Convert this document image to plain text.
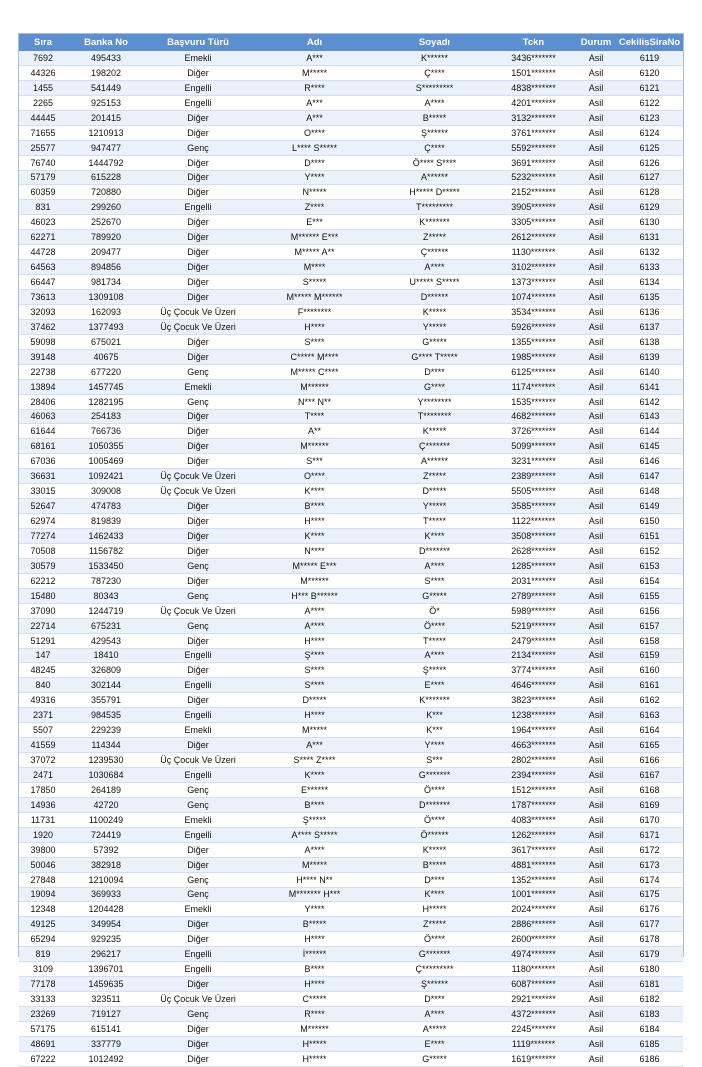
Sıra	Banka No	Başvuru Türü	Adı	Soyadı	Tckn	Durum	CekilisSiraNo
7692	495433	Emekli	A***	K******	3436*******	Asil	6119
44326	198202	Diğer	M*****	Ç****	1501*******	Asil	6120
1455	541449	Engelli	R****	S*********	4838*******	Asil	6121
2265	925153	Engelli	A***	A****	4201*******	Asil	6122
44445	201415	Diğer	A***	B*****	3132*******	Asil	6123
71655	1210913	Diğer	O****	Ş******	3761*******	Asil	6124
25577	947477	Genç	L**** S*****	Ç****	5592*******	Asil	6125
76740	1444792	Diğer	D****	Ö**** S****	3691*******	Asil	6126
57179	615228	Diğer	Y****	A******	5232*******	Asil	6127
60359	720880	Diğer	N*****	H***** D*****	2152*******	Asil	6128
831	299260	Engelli	Z****	T*********	3905*******	Asil	6129
46023	252670	Diğer	E***	K*******	3305*******	Asil	6130
62271	789920	Diğer	M****** E***	Z*****	2612*******	Asil	6131
44728	209477	Diğer	M***** A**	Ç******	1130*******	Asil	6132
64563	894856	Diğer	M****	A****	3102*******	Asil	6133
66447	981734	Diğer	S*****	U***** S*****	1373*******	Asil	6134
73613	1309108	Diğer	M***** M******	D******	1074*******	Asil	6135
32093	162093	Üç Çocuk Ve Üzeri	F********	K*****	3534*******	Asil	6136
37462	1377493	Üç Çocuk Ve Üzeri	H****	Y*****	5926*******	Asil	6137
59098	675021	Diğer	S****	G*****	1355*******	Asil	6138
39148	40675	Diğer	C***** M****	G**** T*****	1985*******	Asil	6139
22738	677220	Genç	M***** C****	D****	6125*******	Asil	6140
13894	1457745	Emekli	M******	G****	1174*******	Asil	6141
28406	1282195	Genç	N*** N**	Y********	1535*******	Asil	6142
46063	254183	Diğer	T****	T********	4682*******	Asil	6143
61644	766736	Diğer	A**	K*****	3726*******	Asil	6144
68161	1050355	Diğer	M******	Ç*******	5099*******	Asil	6145
67036	1005469	Diğer	S***	A******	3231*******	Asil	6146
36631	1092421	Üç Çocuk Ve Üzeri	O****	Z*****	2389*******	Asil	6147
33015	309008	Üç Çocuk Ve Üzeri	K****	D*****	5505*******	Asil	6148
52647	474783	Diğer	B****	Y*****	3585*******	Asil	6149
62974	819839	Diğer	H****	T*****	1122*******	Asil	6150
77274	1462433	Diğer	K****	K****	3508*******	Asil	6151
70508	1156782	Diğer	N****	D*******	2628*******	Asil	6152
30579	1533450	Genç	M***** E***	A****	1285*******	Asil	6153
62212	787230	Diğer	M******	S****	2031*******	Asil	6154
15480	80343	Genç	H*** B******	G*****	2789*******	Asil	6155
37090	1244719	Üç Çocuk Ve Üzeri	A****	Ö*	5989*******	Asil	6156
22714	675231	Genç	A****	Ö****	5219*******	Asil	6157
51291	429543	Diğer	H****	T*****	2479*******	Asil	6158
147	18410	Engelli	Ş****	A****	2134*******	Asil	6159
48245	326809	Diğer	S****	Ş*****	3774*******	Asil	6160
840	302144	Engelli	S****	E****	4646*******	Asil	6161
49316	355791	Diğer	D*****	K*******	3823*******	Asil	6162
2371	984535	Engelli	H****	K***	1238*******	Asil	6163
5507	229239	Emekli	M*****	K***	1964*******	Asil	6164
41559	114344	Diğer	A***	Y****	4663*******	Asil	6165
37072	1239530	Üç Çocuk Ve Üzeri	S**** Z****	S***	2802*******	Asil	6166
2471	1030684	Engelli	K****	G*******	2394*******	Asil	6167
17850	264189	Genç	E******	Ö****	1512*******	Asil	6168
14936	42720	Genç	B****	D*******	1787*******	Asil	6169
11731	1100249	Emekli	Ş*****	Ö****	4083*******	Asil	6170
1920	724419	Engelli	A**** S*****	Ö******	1262*******	Asil	6171
39800	57392	Diğer	A****	K*****	3617*******	Asil	6172
50046	382918	Diğer	M*****	B*****	4881*******	Asil	6173
27848	1210094	Genç	H**** N**	D****	1352*******	Asil	6174
19094	369933	Genç	M******* H***	K****	1001*******	Asil	6175
12348	1204428	Emekli	Y****	H*****	2024*******	Asil	6176
49125	349954	Diğer	B*****	Z*****	2886*******	Asil	6177
65294	929235	Diğer	H****	Ö****	2600*******	Asil	6178
819	296217	Engelli	İ******	G*******	4974*******	Asil	6179
3109	1396701	Engelli	B****	Ç*********	1180*******	Asil	6180
77178	1459635	Diğer	H****	Ş******	6087*******	Asil	6181
33133	323511	Üç Çocuk Ve Üzeri	C*****	D****	2921*******	Asil	6182
23269	719127	Genç	R****	A****	4372*******	Asil	6183
57175	615141	Diğer	M******	A*****	2245*******	Asil	6184
48691	337779	Diğer	H*****	E****	1119*******	Asil	6185
67222	1012492	Diğer	H*****	G*****	1619*******	Asil	6186
